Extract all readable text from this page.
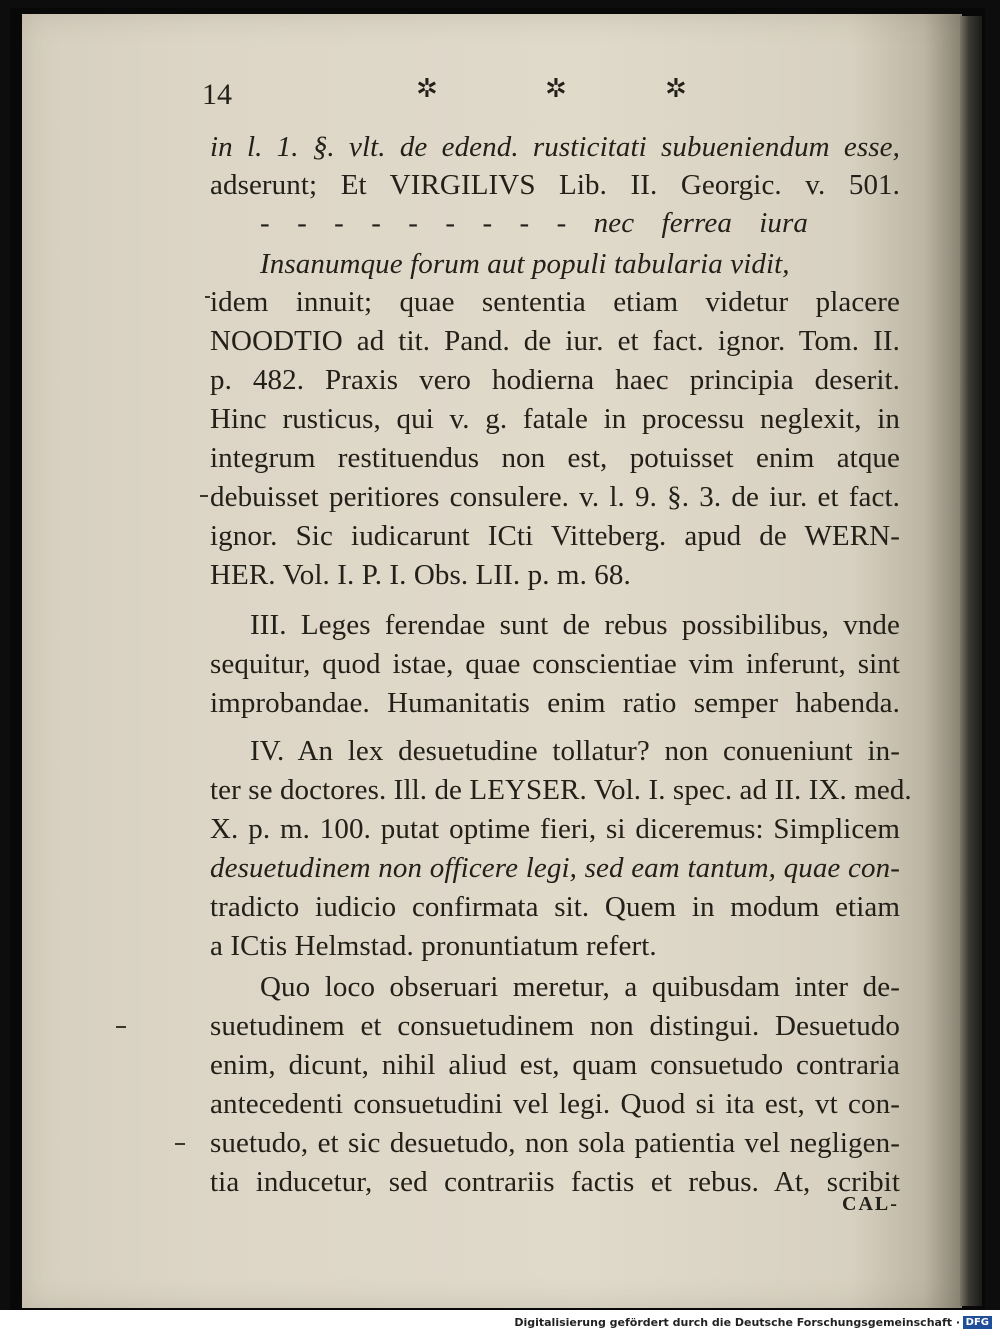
14	✲	✲	✲
in l. 1. §. vlt. de edend. rusticitati subueniendum esse,
adserunt; Et VIRGILIVS Lib. II. Georgic. v. 501.
- - - - - - - - - nec ferrea iura
Insanumque forum aut populi tabularia vidit,
idem innuit; quae sententia etiam videtur placere
NOODTIO ad tit. Pand. de iur. et fact. ignor. Tom. II.
p. 482. Praxis vero hodierna haec principia deserit.
Hinc rusticus, qui v. g. fatale in processu neglexit, in
integrum restituendus non est, potuisset enim atque
debuisset peritiores consulere. v. l. 9. §. 3. de iur. et fact.
ignor. Sic iudicarunt ICti Vitteberg. apud de WERN-
HER. Vol. I. P. I. Obs. LII. p. m. 68.
III. Leges ferendae sunt de rebus possibilibus, vnde
sequitur, quod istae, quae conscientiae vim inferunt, sint
improbandae. Humanitatis enim ratio semper habenda.
IV. An lex desuetudine tollatur? non conueniunt in-
ter se doctores. Ill. de LEYSER. Vol. I. spec. ad II. IX. med.
X. p. m. 100. putat optime fieri, si diceremus: Simplicem
desuetudinem non officere legi, sed eam tantum, quae con-
tradicto iudicio confirmata sit. Quem in modum etiam
a ICtis Helmstad. pronuntiatum refert.
Quo loco obseruari meretur, a quibusdam inter de-
suetudinem et consuetudinem non distingui. Desuetudo
enim, dicunt, nihil aliud est, quam consuetudo contraria
antecedenti consuetudini vel legi. Quod si ita est, vt con-
suetudo, et sic desuetudo, non sola patientia vel negligen-
tia inducetur, sed contrariis factis et rebus. At, scribit
CAL-
Digitalisierung gefördert durch die Deutsche Forschungsgemeinschaft · DFG
